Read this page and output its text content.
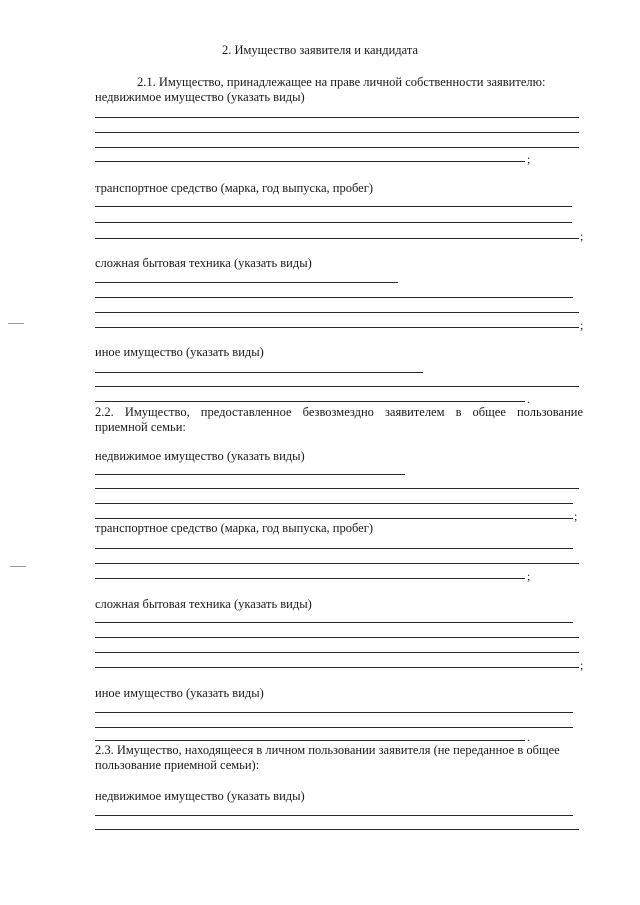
2. Имущество заявителя и кандидата
2.1. Имущество, принадлежащее на праве личной собственности заявителю:
недвижимое имущество (указать виды)
;
транспортное средство (марка, год выпуска, пробег)
;
сложная бытовая техника (указать виды)
;
иное имущество (указать виды)
.
2.2. Имущество, предоставленное безвозмездно заявителем в общее пользование
приемной семьи:
недвижимое имущество (указать виды)
;
транспортное средство (марка, год выпуска, пробег)
;
сложная бытовая техника (указать виды)
;
иное имущество (указать виды)
.
2.3. Имущество, находящееся в личном пользовании заявителя (не переданное в общее
пользование приемной семьи):
недвижимое имущество (указать виды)
